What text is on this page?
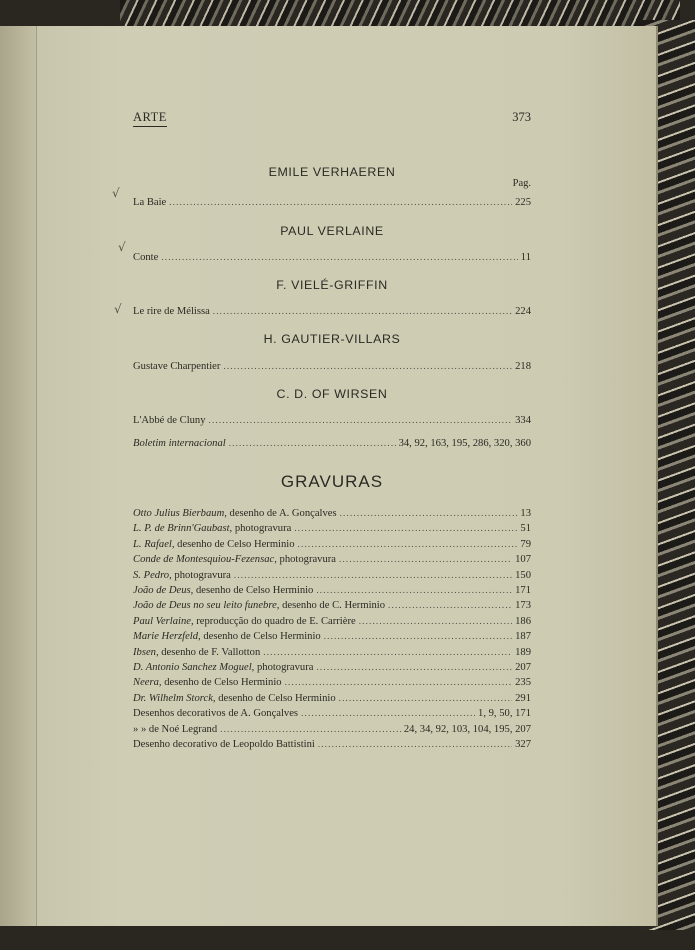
√
√
√
ARTE	373
EMILE VERHAEREN
Pag.
La Baie .....	225
PAUL VERLAINE
Conte .....	11
F. VIELÉ-GRIFFIN
Le rire de Mélissa .....	224
H. GAUTIER-VILLARS
Gustave Charpentier .....	218
C. D. OF WIRSEN
L'Abbé de Cluny .....	334
Boletim internacional .....	34, 92, 163, 195, 286, 320, 360
GRAVURAS
Otto Julius Bierbaum, desenho de A. Gonçalves .....	13
L. P. de Brinn'Gaubast, photogravura .....	51
L. Rafael, desenho de Celso Herminio .....	79
Conde de Montesquiou-Fezensac, photogravura .....	107
S. Pedro, photogravura .....	150
João de Deus, desenho de Celso Herminio .....	171
João de Deus no seu leito funebre, desenho de C. Herminio .....	173
Paul Verlaine, reproducção do quadro de E. Carrière .....	186
Marie Herzfeld, desenho de Celso Herminio .....	187
Ibsen, desenho de F. Vallotton .....	189
D. Antonio Sanchez Moguel, photogravura .....	207
Neera, desenho de Celso Herminio .....	235
Dr. Wilhelm Storck, desenho de Celso Herminio .....	291
Desenhos decorativos de A. Gonçalves .....	1, 9, 50, 171
» » de Noé Legrand .....	24, 34, 92, 103, 104, 195, 207
Desenho decorativo de Leopoldo Battistini .....	327
